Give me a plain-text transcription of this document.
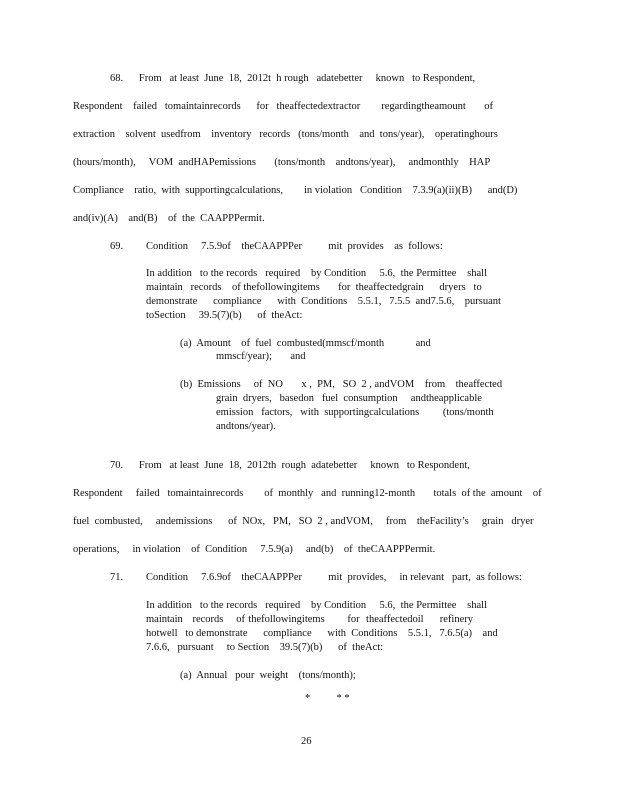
68.      From   at least  June  18,  2012t  h rough   adatebetter     known   to Respondent,
Respondent    failed   tomaintainrecords      for   theaffectedextractor        regardingtheamount       of
extraction    solvent  usedfrom    inventory   records   (tons/month    and  tons/year),    operatinghours
(hours/month),     VOM  andHAPemissions       (tons/month    andtons/year),     andmonthly    HAP
Compliance    ratio,  with  supportingcalculations,        in violation   Condition    7.3.9(a)(ii)(B)      and(D)
and(iv)(A)    and(B)    of  the  CAAPPPermit.
69.	Condition     7.5.9of    theCAAPPPer          mit  provides    as  follows:
In addition   to the records   required    by Condition     5.6,  the Permittee    shall
maintain   records    of thefollowingitems       for  theaffectedgrain      dryers   to
demonstrate      compliance      with  Conditions    5.5.1,   7.5.5  and7.5.6,    pursuant
toSection     39.5(7)(b)      of  theAct:
(a)  Amount    of  fuel  combusted(mmscf/month            and
mmscf/year);       and
(b)  Emissions     of  NO       x ,  PM,   SO  2 , andVOM    from    theaffected
grain  dryers,   basedon   fuel  consumption     andtheapplicable
emission   factors,   with  supportingcalculations         (tons/month
andtons/year).
70.      From   at least  June  18,  2012th  rough  adatebetter     known   to Respondent,
Respondent     failed   tomaintainrecords        of  monthly   and  running12-month       totals  of the  amount    of
fuel  combusted,     andemissions      of  NOx,   PM,   SO  2 , andVOM,     from    theFacility’s     grain   dryer
operations,     in violation    of  Condition     7.5.9(a)     and(b)    of  theCAAPPPermit.
71.	Condition     7.6.9of    theCAAPPPer          mit  provides,     in relevant   part,  as follows:
In addition   to the records   required    by Condition     5.6,  the Permittee    shall
maintain   records    of thefollowingitems       for  theaffectedoil     refinery
hotwell   to demonstrate      compliance      with  Conditions    5.5.1,   7.6.5(a)    and
7.6.6,   pursuant     to Section    39.5(7)(b)      of  theAct:
(a)  Annual   pour  weight    (tons/month);
*          * *
26
